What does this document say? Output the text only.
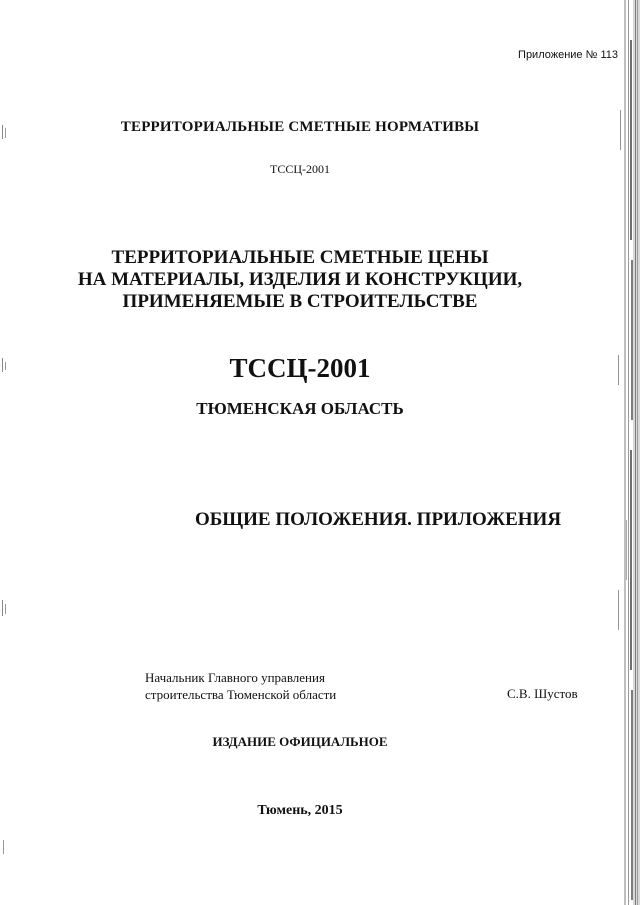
Приложение № 113
ТЕРРИТОРИАЛЬНЫЕ СМЕТНЫЕ НОРМАТИВЫ
ТССЦ-2001
ТЕРРИТОРИАЛЬНЫЕ СМЕТНЫЕ ЦЕНЫ
НА МАТЕРИАЛЫ, ИЗДЕЛИЯ И КОНСТРУКЦИИ,
ПРИМЕНЯЕМЫЕ В СТРОИТЕЛЬСТВЕ
ТССЦ-2001
ТЮМЕНСКАЯ ОБЛАСТЬ
ОБЩИЕ ПОЛОЖЕНИЯ. ПРИЛОЖЕНИЯ
Начальник Главного управления
строительства Тюменской области	С.В. Шустов
ИЗДАНИЕ ОФИЦИАЛЬНОЕ
Тюмень, 2015
